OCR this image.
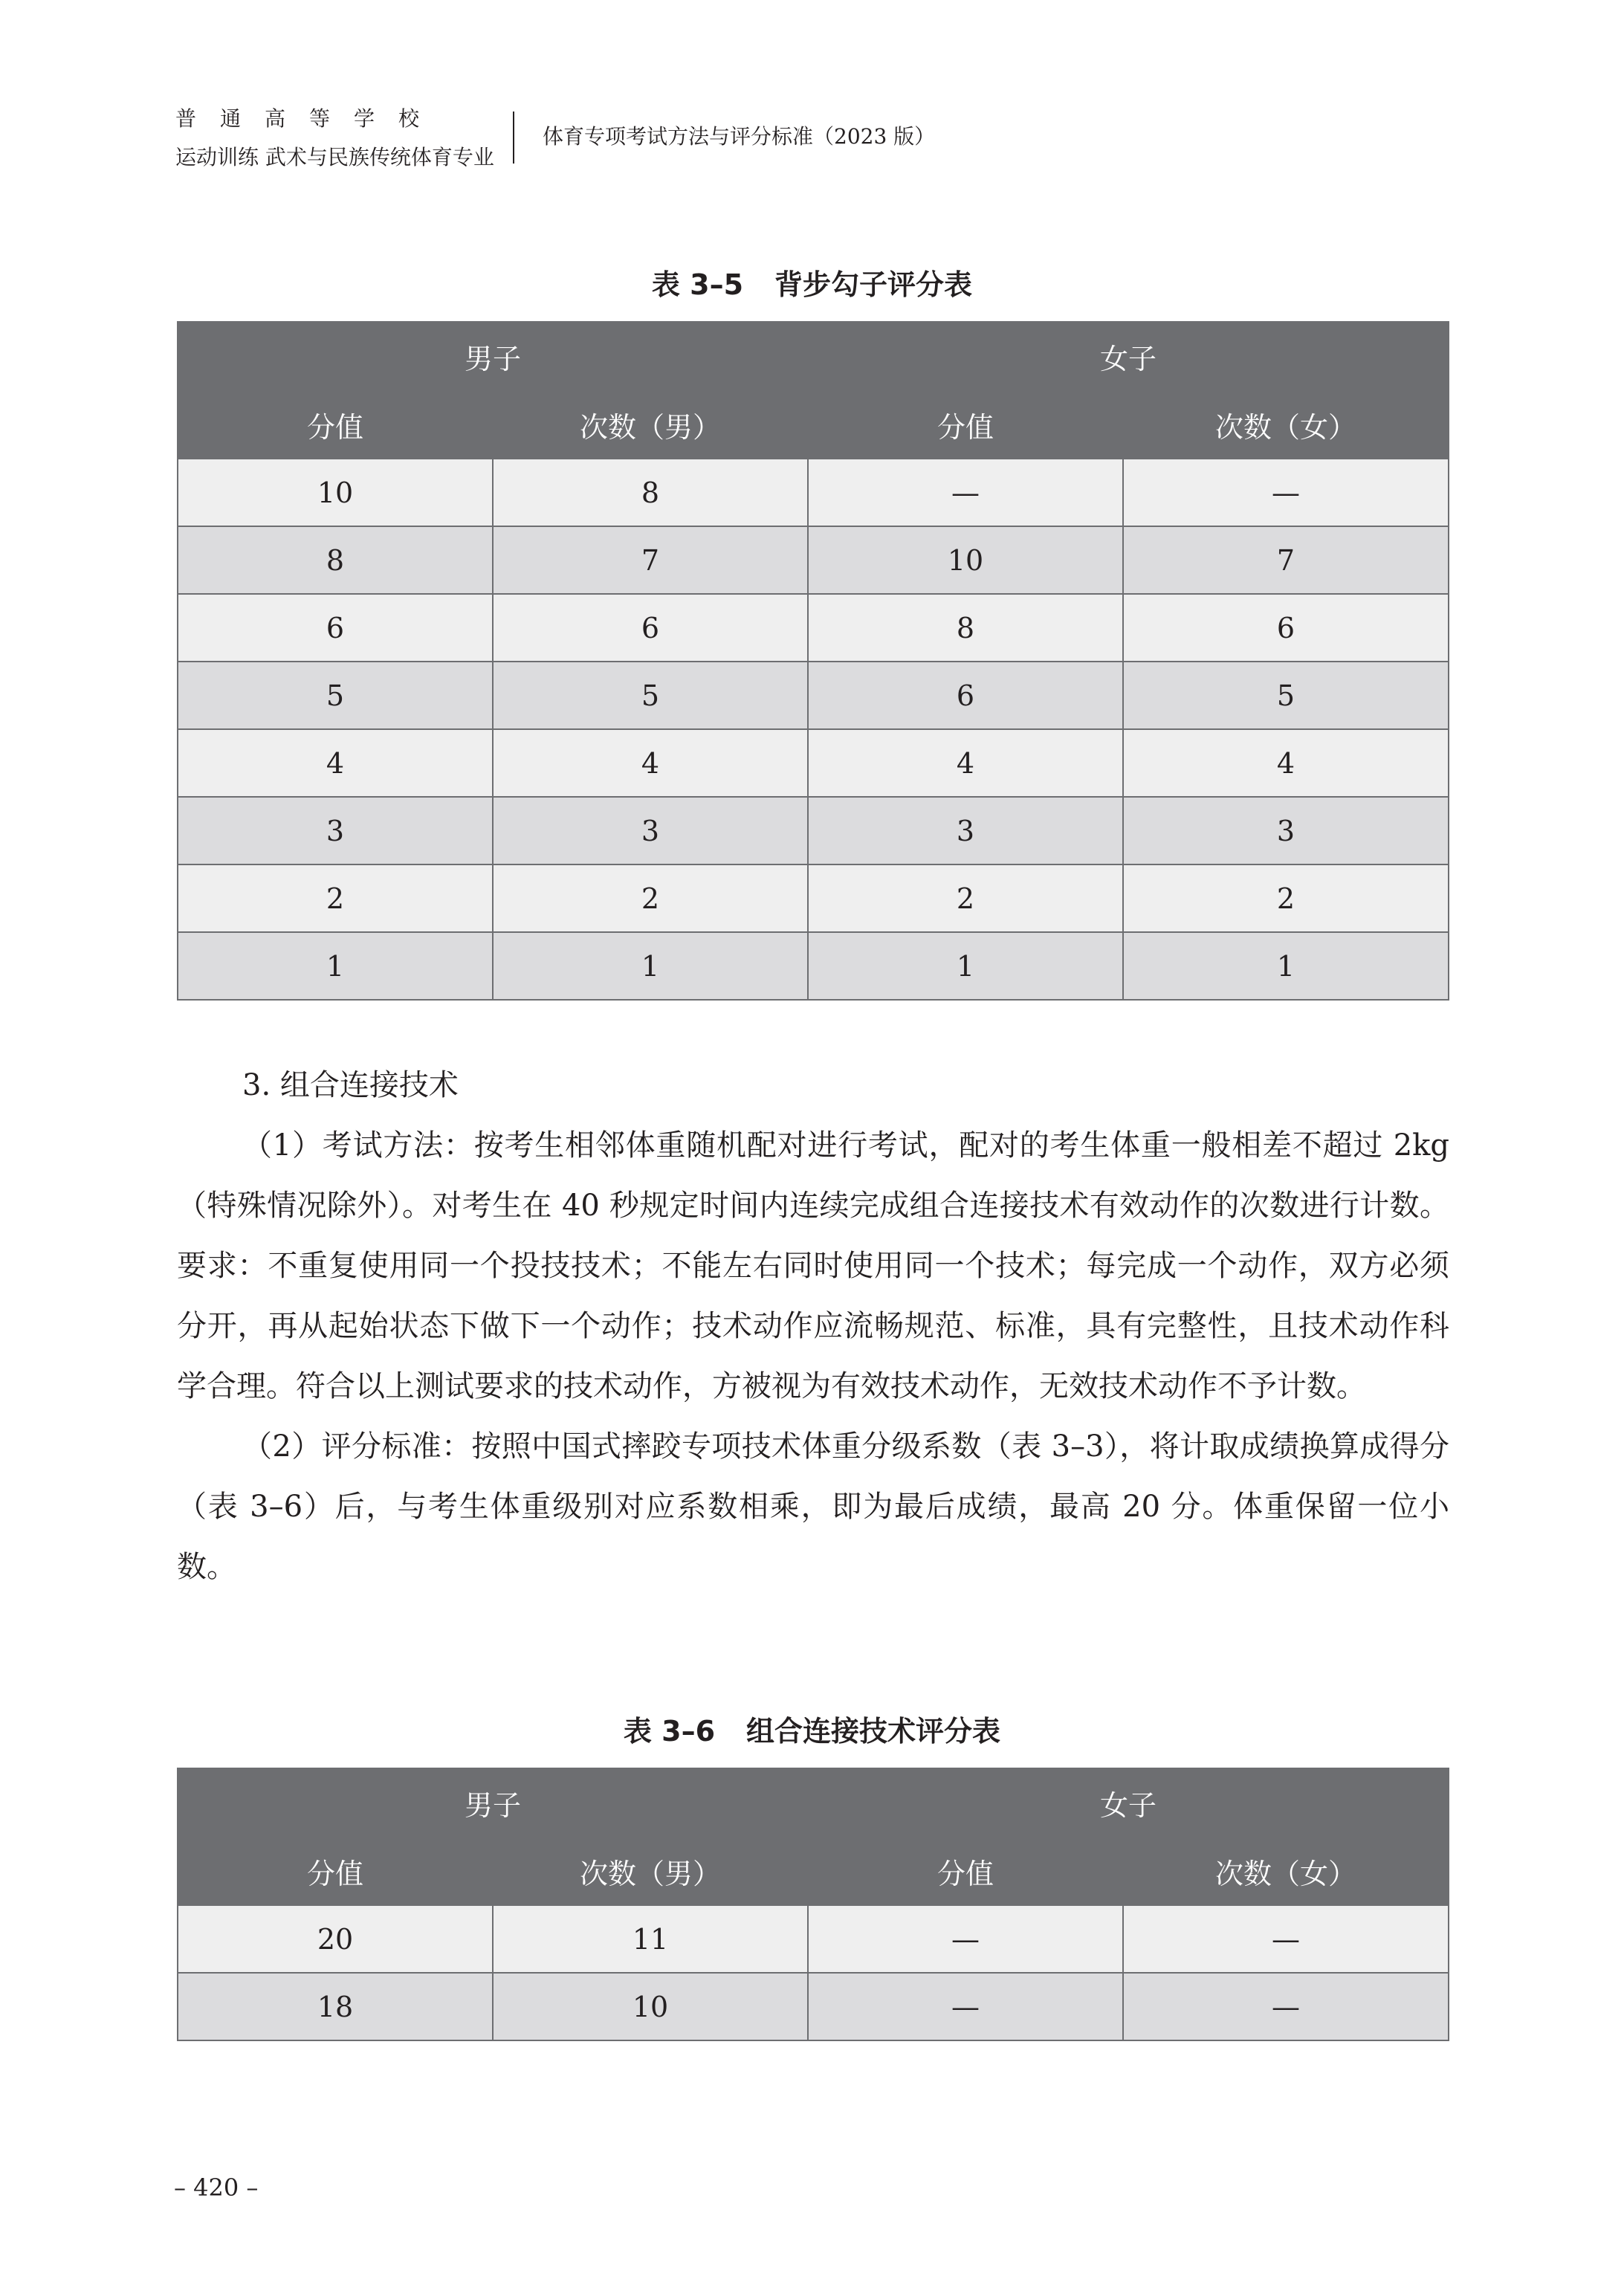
普通高等学校
运动训练 武术与民族传统体育专业
体育专项考试方法与评分标准（2023 版）
表 3–5 背步勾子评分表
男子		女子	
分值	次数（男）	分值	次数（女）
10	8	—	—
8	7	10	7
6	6	8	6
5	5	6	5
4	4	4	4
3	3	3	3
2	2	2	2
1	1	1	1

3. 组合连接技术

（1）考试方法：按考生相邻体重随机配对进行考试，配对的考生体重一般相差不超过 2kg（特殊情况除外）。对考生在 40 秒规定时间内连续完成组合连接技术有效动作的次数进行计数。要求：不重复使用同一个投技技术；不能左右同时使用同一个技术；每完成一个动作，双方必须分开，再从起始状态下做下一个动作；技术动作应流畅规范、标准，具有完整性，且技术动作科学合理。符合以上测试要求的技术动作，方被视为有效技术动作，无效技术动作不予计数。

（2）评分标准：按照中国式摔跤专项技术体重分级系数（表 3–3），将计取成绩换算成得分（表 3–6）后，与考生体重级别对应系数相乘，即为最后成绩，最高 20 分。体重保留一位小数。

表 3–6 组合连接技术评分表
男子		女子	
分值	次数（男）	分值	次数（女）
20	11	—	—
18	10	—	—
– 420 –
